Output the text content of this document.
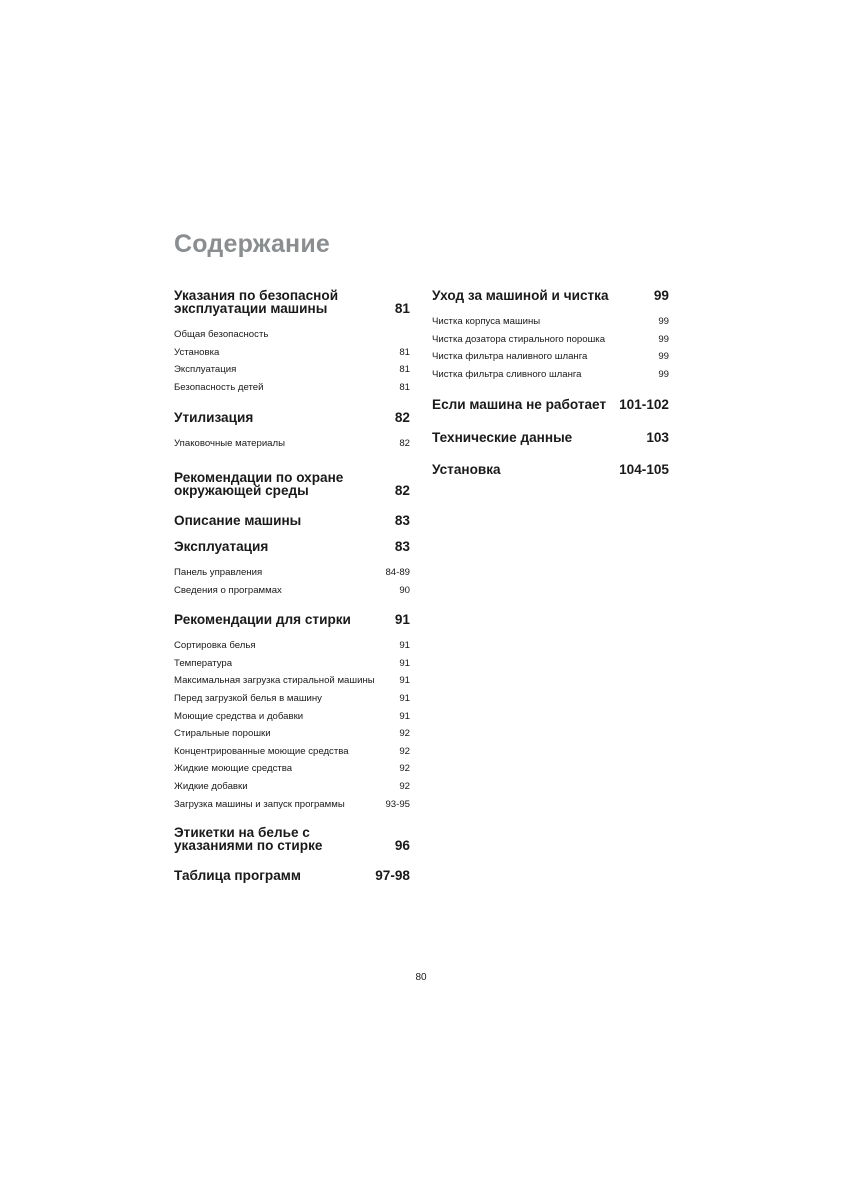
Содержание
Указания по безопасной
эксплуатации машины	81
Общая безопасность
Установка	81
Эксплуатация	81
Безопасность детей	81
Утилизация	82
Упаковочные материалы	82
Рекомендации по охране
окружающей среды	82
Описание машины	83
Эксплуатация	83
Панель управления	84-89
Сведения о программах	90
Рекомендации для стирки	91
Сортировка белья	91
Температура	91
Максимальная загрузка стиральной машины	91
Перед загрузкой белья в машину	91
Моющие средства и добавки	91
Стиральные порошки	92
Концентрированные моющие средства	92
Жидкие моющие средства	92
Жидкие добавки	92
Загрузка машины и запуск программы	93-95
Этикетки на белье с
указаниями по стирке	96
Таблица программ	97-98
Уход за машиной и чистка	99
Чистка корпуса машины	99
Чистка дозатора стирального порошка	99
Чистка фильтра наливного шланга	99
Чистка фильтра сливного шланга	99
Если машина не работает 101-102
Технические данные	103
Установка	104-105
80
